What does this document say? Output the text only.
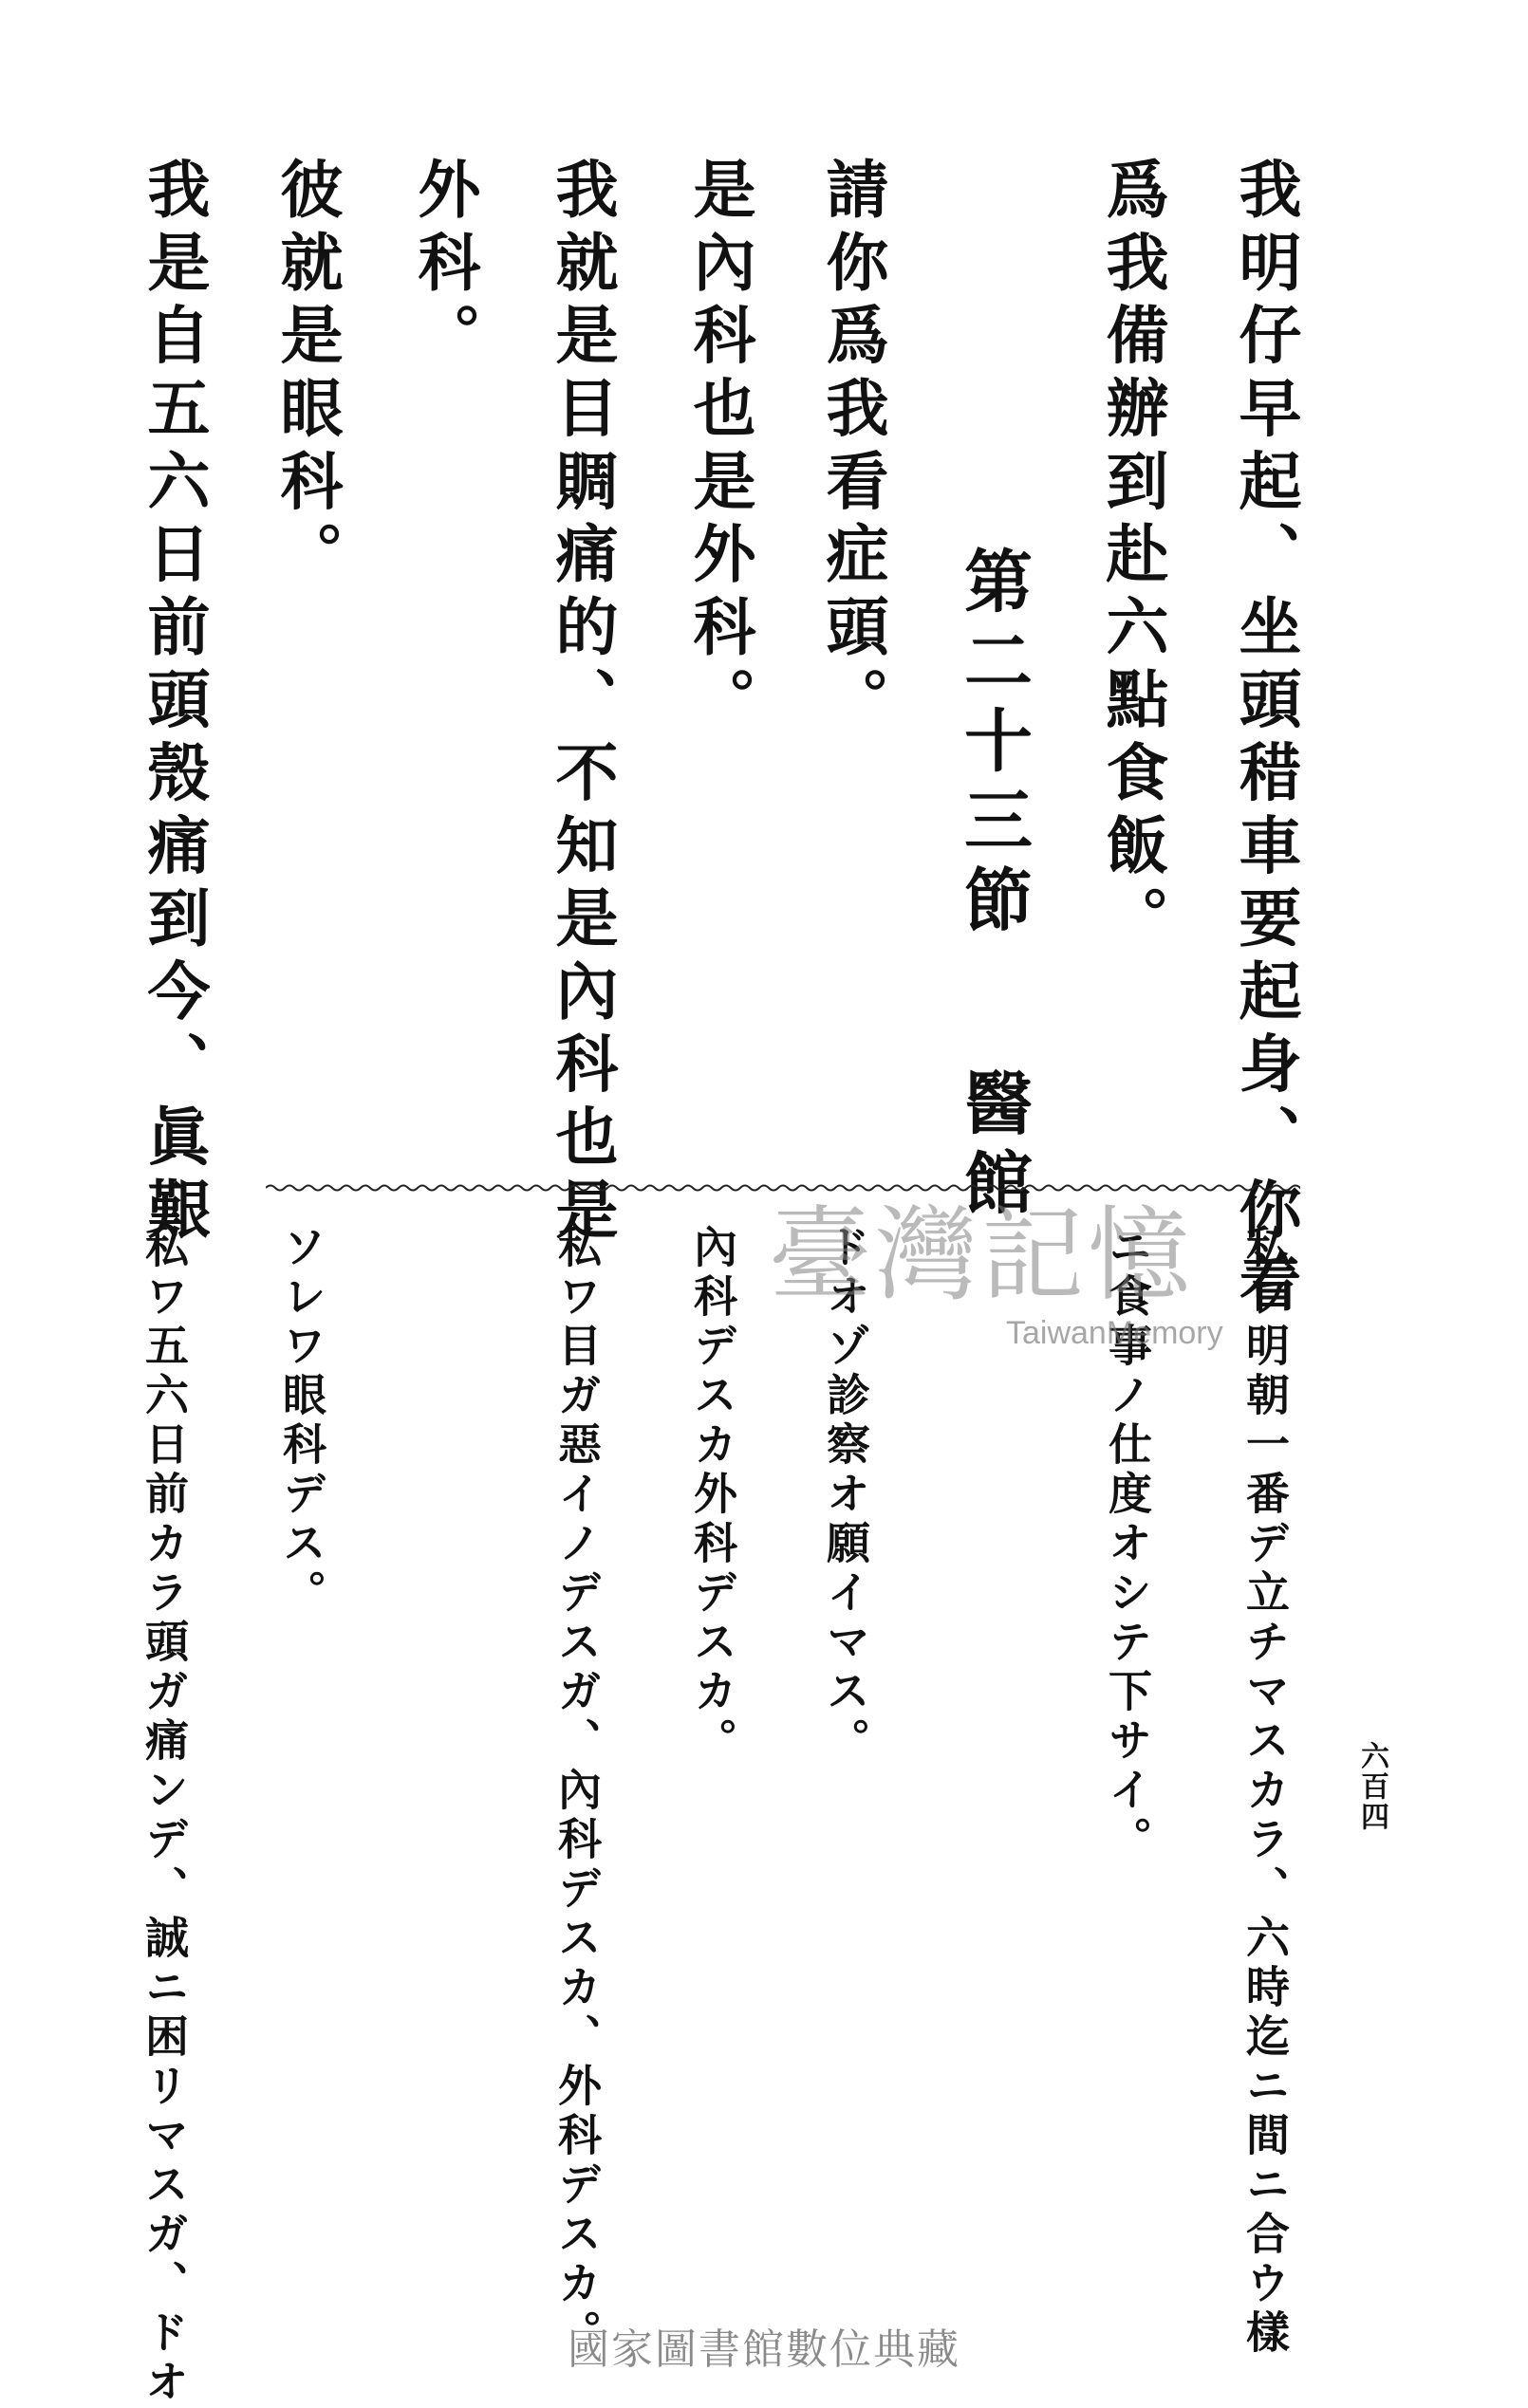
我明仔早起、坐頭稓車要起身、你着
爲我備辦到赴六點食飯。
第二十三節
醫館
請你爲我看症頭。
是內科也是外科。
我就是目賙痛的、不知是內科也是
外科。
彼就是眼科。
我是自五六日前頭殼痛到今、眞艱
私ワ明朝一番デ立チマスカラ、六時迄ニ間ニ合ウ樣
ニ食事ノ仕度オシテ下サイ。
ドオゾ診察オ願イマス。
內科デスカ外科デスカ。
私ワ目ガ惡イノデスガ、內科デスカ、外科デスカ。
ソレワ眼科デス。
私ワ五六日前カラ頭ガ痛ンデ、誠ニ困リマスガ、ドオ	六百四
臺灣記憶
TaiwanMemory
國家圖書館數位典藏
